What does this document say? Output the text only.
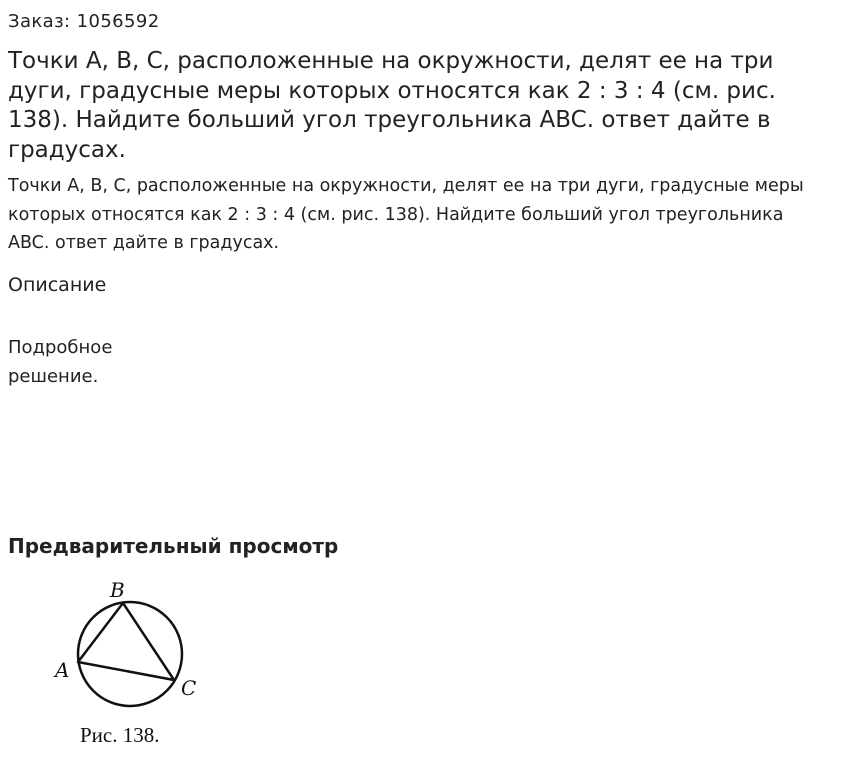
Заказ: 1056592
Точки A, B, C, расположенные на окружности, делят ее на три дуги, градусные меры которых относятся как 2 : 3 : 4 (см. рис. 138). Найдите больший угол треугольника ABC. ответ дайте в градусах.

Точки A, B, C, расположенные на окружности, делят ее на три дуги, градусные меры которых относятся как 2 : 3 : 4 (см. рис. 138). Найдите больший угол треугольника ABC. ответ дайте в градусах.

Описание
Подробное решение.
Предварительный просмотр
B
A
C
Рис. 138.
